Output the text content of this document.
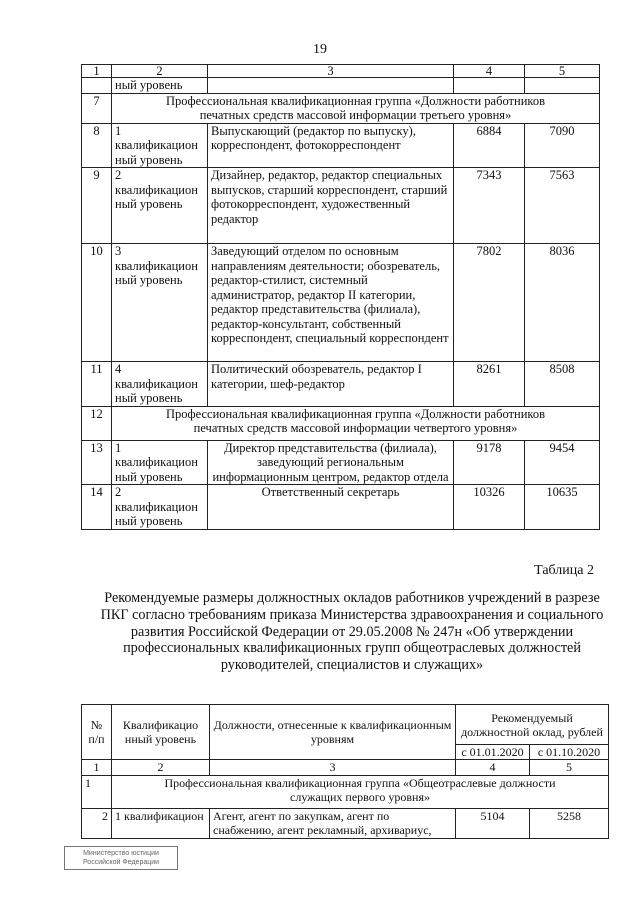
19
1	2	3	4	5
	ный уровень			
7	Профессиональная квалификационная группа «Должности работников печатных средств массовой информации третьего уровня»			
8	1 квалификацион ный уровень	Выпускающий (редактор по выпуску), корреспондент, фотокорреспондент	6884	7090
9	2 квалификацион ный уровень	Дизайнер, редактор, редактор специальных выпусков, старший корреспондент, старший фотокорреспондент, художественный редактор	7343	7563
10	3 квалификацион ный уровень	Заведующий отделом по основным направлениям деятельности; обозреватель, редактор-стилист, системный администратор, редактор II категории, редактор представительства (филиала), редактор-консультант, собственный корреспондент, специальный корреспондент	7802	8036
11	4 квалификацион ный уровень	Политический обозреватель, редактор I категории, шеф-редактор	8261	8508
12	Профессиональная квалификационная группа «Должности работников печатных средств массовой информации четвертого уровня»			
13	1 квалификацион ный уровень	Директор представительства (филиала), заведующий региональным информационным центром, редактор отдела	9178	9454
14	2 квалификацион ный уровень	Ответственный секретарь	10326	10635
Таблица 2
Рекомендуемые размеры должностных окладов работников учреждений в разрезе ПКГ согласно требованиям приказа Министерства здравоохранения и социального развития Российской Федерации от 29.05.2008 № 247н «Об утверждении профессиональных квалификационных групп общеотраслевых должностей руководителей, специалистов и служащих»
№ п/п	Квалификацио нный уровень	Должности, отнесенные к квалификационным уровням	Рекомендуемый должностной оклад, рублей	
			с 01.01.2020	с 01.10.2020
1	2	3	4	5
1	Профессиональная квалификационная группа «Общеотраслевые должности служащих первого уровня»			
2	1 квалификацион	Агент, агент по закупкам, агент по снабжению, агент рекламный, архивариус,	5104	5258
Министерство юстиции Российской Федерации
